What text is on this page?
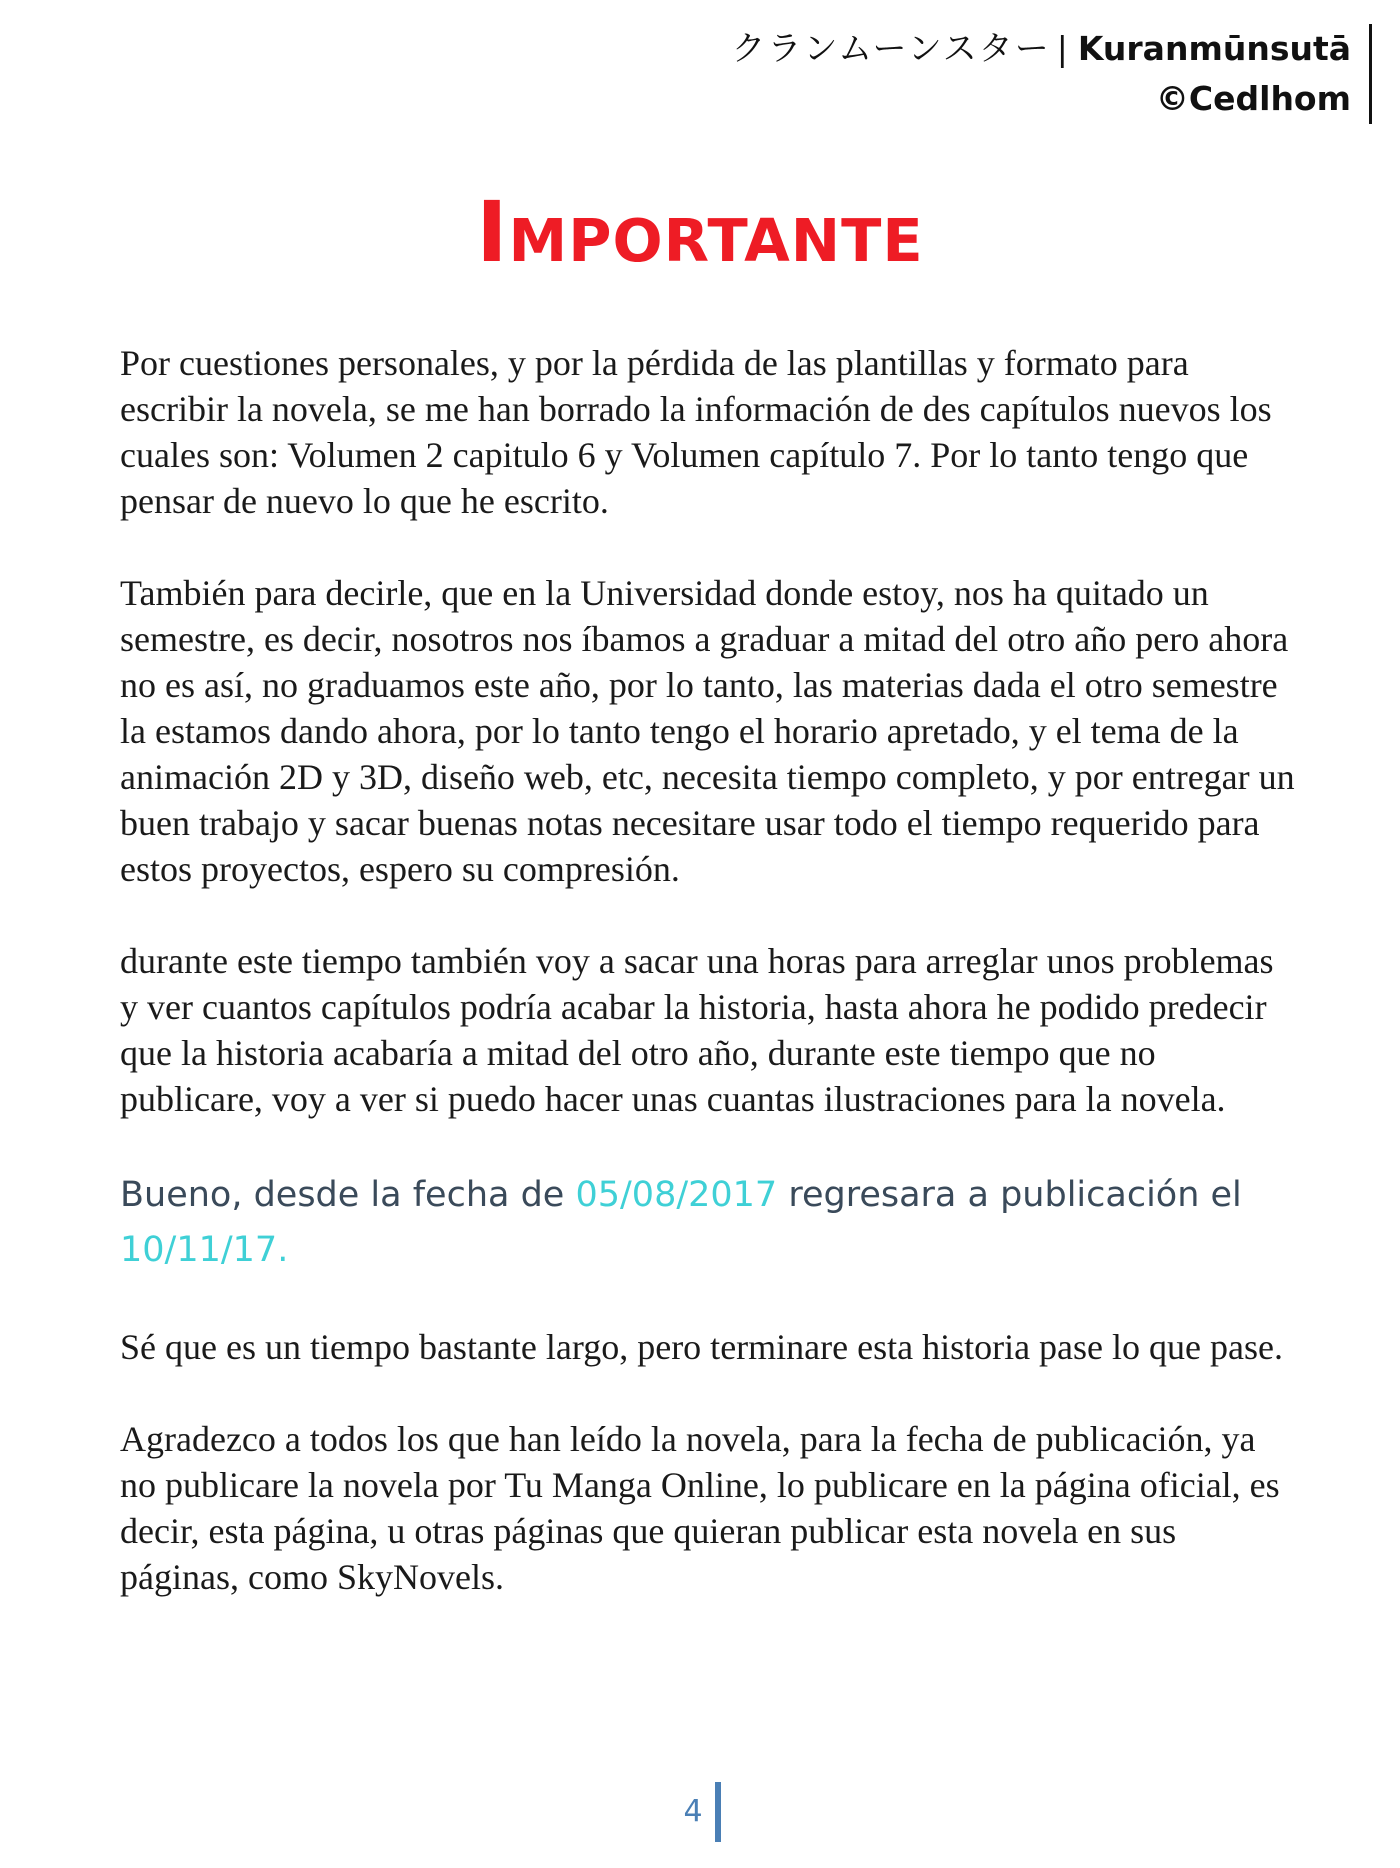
クランムーンスター | Kuranmūnsutā
©Cedlhom
Importante

Por cuestiones personales, y por la pérdida de las plantillas y formato para escribir la novela, se me han borrado la información de des capítulos nuevos los cuales son: Volumen 2 capitulo 6 y Volumen capítulo 7. Por lo tanto tengo que pensar de nuevo lo que he escrito.

También para decirle, que en la Universidad donde estoy, nos ha quitado un semestre, es decir, nosotros nos íbamos a graduar a mitad del otro año pero ahora no es así, no graduamos este año, por lo tanto, las materias dada el otro semestre la estamos dando ahora, por lo tanto tengo el horario apretado, y el tema de la animación 2D y 3D, diseño web, etc, necesita tiempo completo, y por entregar un buen trabajo y sacar buenas notas necesitare usar todo el tiempo requerido para estos proyectos, espero su compresión.

durante este tiempo también voy a sacar una horas para arreglar unos problemas y ver cuantos capítulos podría acabar la historia, hasta ahora he podido predecir que la historia acabaría a mitad del otro año, durante este tiempo que no publicare, voy a ver si puedo hacer unas cuantas ilustraciones para la novela.

Bueno, desde la fecha de 05/08/2017 regresara a publicación el 10/11/17.

Sé que es un tiempo bastante largo, pero terminare esta historia pase lo que pase.

Agradezco a todos los que han leído la novela, para la fecha de publicación, ya no publicare la novela por Tu Manga Online, lo publicare en la página oficial, es decir, esta página, u otras páginas que quieran publicar esta novela en sus páginas, como SkyNovels.

4
